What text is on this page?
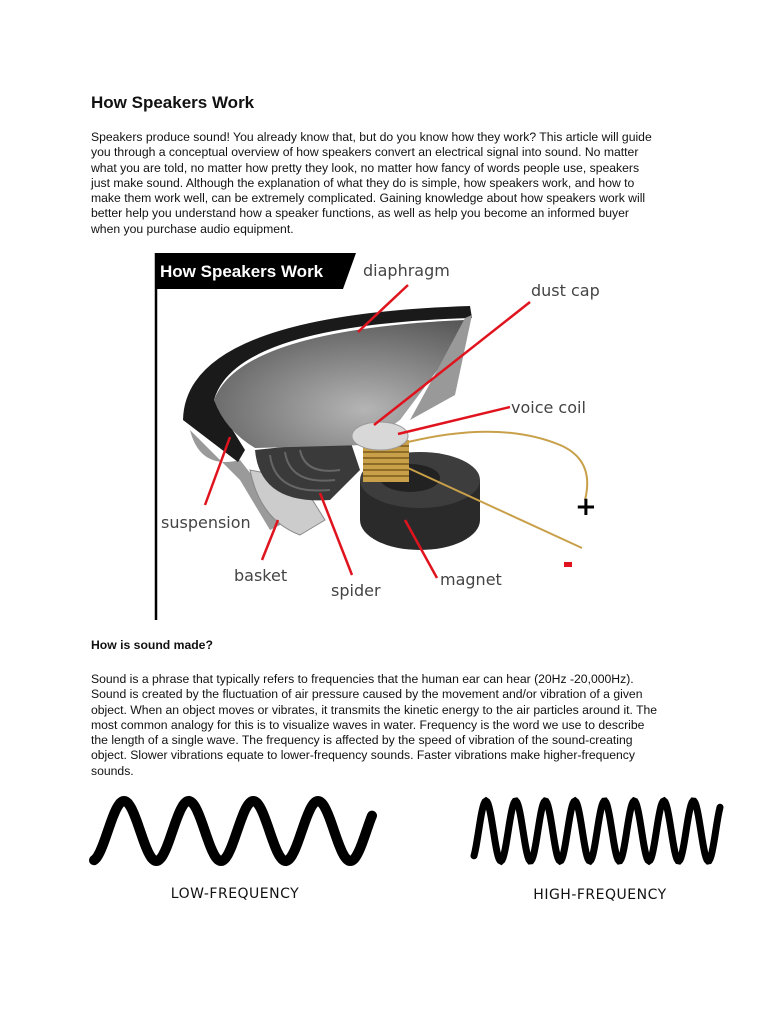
How Speakers Work
Speakers produce sound! You already know that, but do you know how they work? This article will guide
you through a conceptual overview of how speakers convert an electrical signal into sound. No matter
what you are told, no matter how pretty they look, no matter how fancy of words people use, speakers
just make sound. Although the explanation of what they do is simple, how speakers work, and how to
make them work well, can be extremely complicated. Gaining knowledge about how speakers work will
better help you understand how a speaker functions, as well as help you become an informed buyer
when you purchase audio equipment.
How Speakers Work diaphragm
dust cap
voice coil
suspension
basket
spider
magnet
+
LOW-FREQUENCY	HIGH-FREQUENCY
How is sound made?
Sound is a phrase that typically refers to frequencies that the human ear can hear (20Hz -20,000Hz).
Sound is created by the fluctuation of air pressure caused by the movement and/or vibration of a given
object. When an object moves or vibrates, it transmits the kinetic energy to the air particles around it. The
most common analogy for this is to visualize waves in water. Frequency is the word we use to describe
the length of a single wave. The frequency is affected by the speed of vibration of the sound-creating
object. Slower vibrations equate to lower-frequency sounds. Faster vibrations make higher-frequency
sounds.
